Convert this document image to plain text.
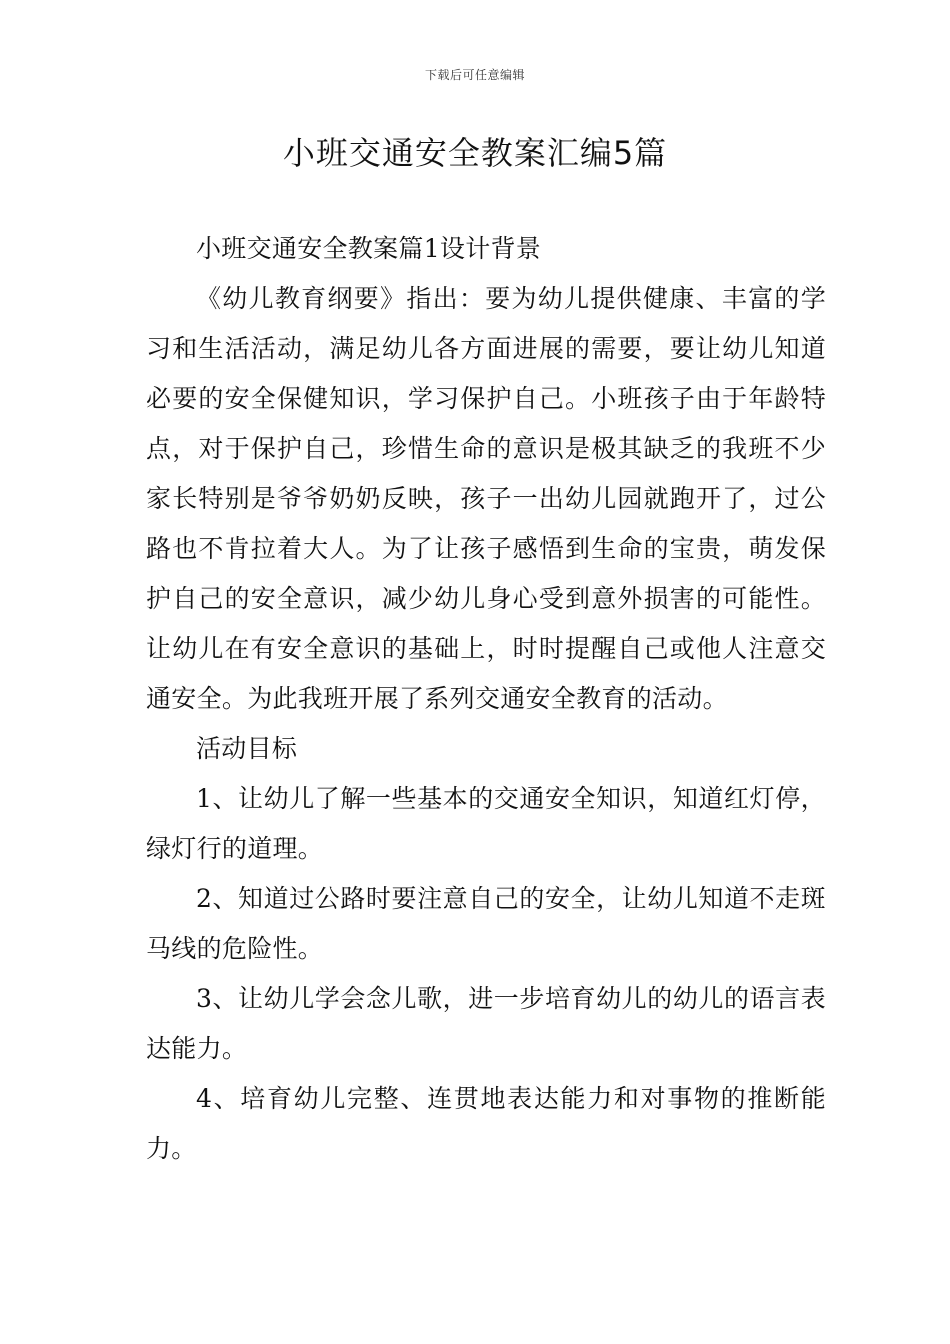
下载后可任意编辑
小班交通安全教案汇编5篇

小班交通安全教案篇1设计背景

《幼儿教育纲要》指出：要为幼儿提供健康、丰富的学习和生活活动，满足幼儿各方面进展的需要，要让幼儿知道必要的安全保健知识，学习保护自己。小班孩子由于年龄特点，对于保护自己，珍惜生命的意识是极其缺乏的我班不少家长特别是爷爷奶奶反映，孩子一出幼儿园就跑开了，过公路也不肯拉着大人。为了让孩子感悟到生命的宝贵，萌发保护自己的安全意识，减少幼儿身心受到意外损害的可能性。让幼儿在有安全意识的基础上，时时提醒自己或他人注意交通安全。为此我班开展了系列交通安全教育的活动。

活动目标

1、让幼儿了解一些基本的交通安全知识，知道红灯停，绿灯行的道理。

2、知道过公路时要注意自己的安全，让幼儿知道不走斑马线的危险性。

3、让幼儿学会念儿歌，进一步培育幼儿的幼儿的语言表达能力。

4、培育幼儿完整、连贯地表达能力和对事物的推断能力。
